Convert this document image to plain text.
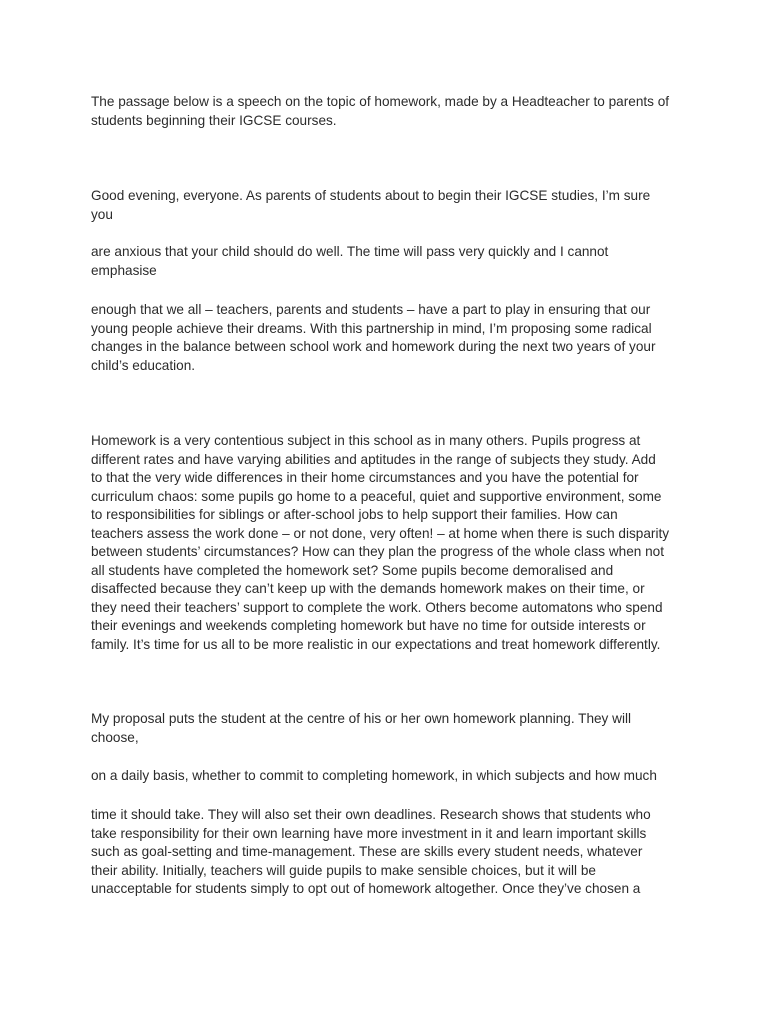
The passage below is a speech on the topic of homework, made by a Headteacher to parents of
students beginning their IGCSE courses.

Good evening, everyone. As parents of students about to begin their IGCSE studies, I’m sure
you

are anxious that your child should do well. The time will pass very quickly and I cannot
emphasise

enough that we all – teachers, parents and students – have a part to play in ensuring that our
young people achieve their dreams. With this partnership in mind, I’m proposing some radical
changes in the balance between school work and homework during the next two years of your
child’s education.

Homework is a very contentious subject in this school as in many others. Pupils progress at
different rates and have varying abilities and aptitudes in the range of subjects they study. Add
to that the very wide differences in their home circumstances and you have the potential for
curriculum chaos: some pupils go home to a peaceful, quiet and supportive environment, some
to responsibilities for siblings or after-school jobs to help support their families. How can
teachers assess the work done – or not done, very often! – at home when there is such disparity
between students’ circumstances? How can they plan the progress of the whole class when not
all students have completed the homework set? Some pupils become demoralised and
disaffected because they can’t keep up with the demands homework makes on their time, or
they need their teachers’ support to complete the work. Others become automatons who spend
their evenings and weekends completing homework but have no time for outside interests or
family. It’s time for us all to be more realistic in our expectations and treat homework differently.

My proposal puts the student at the centre of his or her own homework planning. They will
choose,

on a daily basis, whether to commit to completing homework, in which subjects and how much

time it should take. They will also set their own deadlines. Research shows that students who
take responsibility for their own learning have more investment in it and learn important skills
such as goal-setting and time-management. These are skills every student needs, whatever
their ability. Initially, teachers will guide pupils to make sensible choices, but it will be
unacceptable for students simply to opt out of homework altogether. Once they’ve chosen a
